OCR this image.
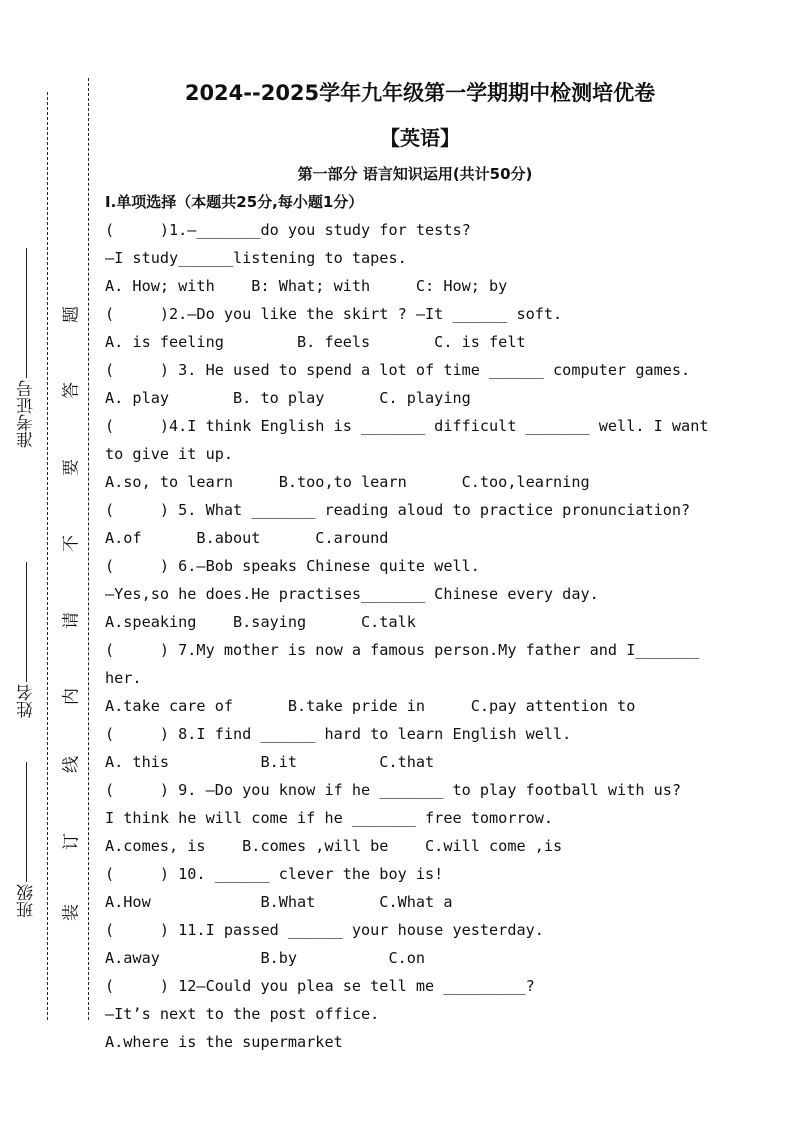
准考证号
姓名
班级
题
答
要
不
请
内
线
订
装
2024--2025学年九年级第一学期期中检测培优卷
【英语】
第一部分 语言知识运用(共计50分)
Ⅰ.单项选择（本题共25分,每小题1分）
(     )1.—_______do you study for tests?
—I study______listening to tapes.
A. How; with    B: What; with     C: How; by
(     )2.—Do you like the skirt ? —It ______ soft.
A. is feeling        B. feels       C. is felt
(     ) 3. He used to spend a lot of time ______ computer games.
A. play       B. to play      C. playing
(     )4.I think English is _______ difficult _______ well. I want
to give it up.
A.so, to learn     B.too,to learn      C.too,learning
(     ) 5. What _______ reading aloud to practice pronunciation?
A.of      B.about      C.around
(     ) 6.—Bob speaks Chinese quite well.
—Yes,so he does.He practises_______ Chinese every day.
A.speaking    B.saying      C.talk
(     ) 7.My mother is now a famous person.My father and I_______
her.
A.take care of      B.take pride in     C.pay attention to
(     ) 8.I find ______ hard to learn English well.
A. this          B.it         C.that
(     ) 9. —Do you know if he _______ to play football with us?
I think he will come if he _______ free tomorrow.
A.comes, is    B.comes ,will be    C.will come ,is
(     ) 10. ______ clever the boy is!
A.How            B.What       C.What a
(     ) 11.I passed ______ your house yesterday.
A.away           B.by          C.on
(     ) 12—Could you plea se tell me _________?
—It’s next to the post office.
A.where is the supermarket
